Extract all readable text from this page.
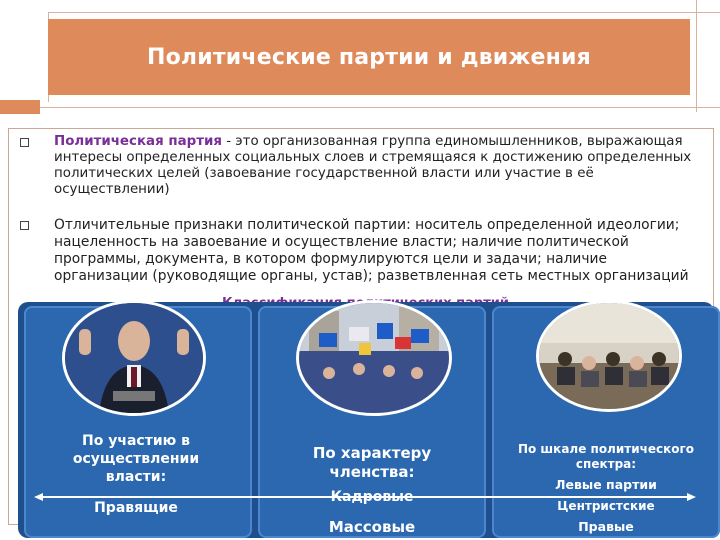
Политические партии и движения
Политическая партия - это организованная группа единомышленников, выражающая интересы определенных социальных слоев и стремящаяся к достижению определенных политических целей (завоевание государственной власти или участие в её осуществлении)
Отличительные признаки политической партии: носитель определенной идеологии; нацеленность на завоевание и осуществление власти; наличие политической программы, документа, в котором формулируются цели и задачи; наличие организации (руководящие органы, устав); разветвленная сеть местных организаций
По участию в осуществлении власти:
Правящие
По характеру членства:
Кадровые
Массовые
По шкале политического спектра:
Левые партии
Центристские
Правые
